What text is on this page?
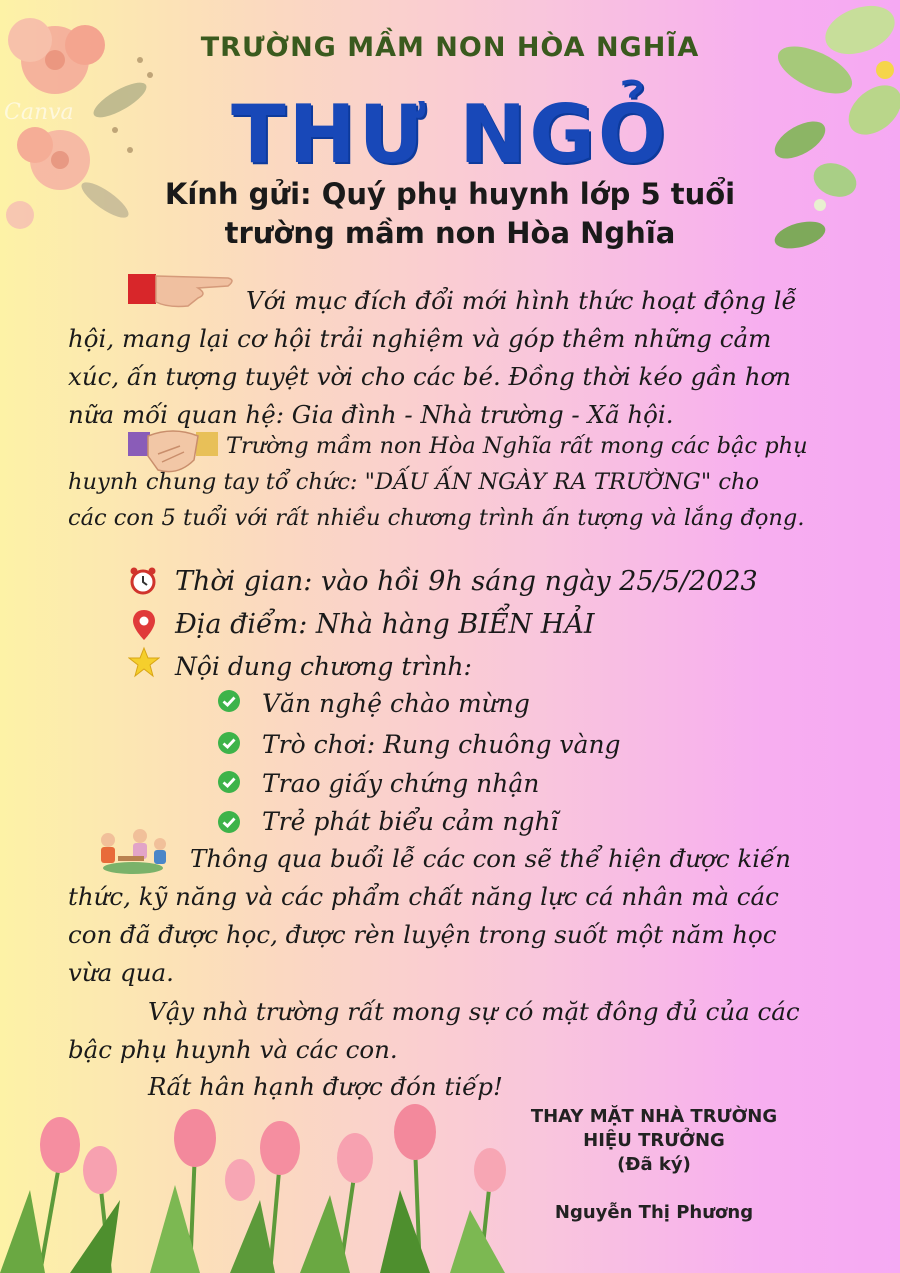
Canva
TRƯỜNG MẦM NON HÒA NGHĨA
THƯ NGỎ
Kính gửi: Quý phụ huynh lớp 5 tuổi
trường mầm non Hòa Nghĩa
Với mục đích đổi mới hình thức hoạt động lễ
hội, mang lại cơ hội trải nghiệm và góp thêm những cảm
xúc, ấn tượng tuyệt vời cho các bé. Đồng thời kéo gần hơn
nữa mối quan hệ: Gia đình - Nhà trường - Xã hội.
Trường mầm non Hòa Nghĩa rất mong các bậc phụ
huynh chung tay tổ chức: "DẤU ẤN NGÀY RA TRƯỜNG" cho
các con 5 tuổi với rất nhiều chương trình ấn tượng và lắng đọng.
Thời gian: vào hồi 9h sáng ngày 25/5/2023
Địa điểm: Nhà hàng BIỂN HẢI
Nội dung chương trình:
Văn nghệ chào mừng
Trò chơi: Rung chuông vàng
Trao giấy chứng nhận
Trẻ phát biểu cảm nghĩ
Thông qua buổi lễ các con sẽ thể hiện được kiến
thức, kỹ năng và các phẩm chất năng lực cá nhân mà các
con đã được học, được rèn luyện trong suốt một năm học
vừa qua.
Vậy nhà trường rất mong sự có mặt đông đủ của các
bậc phụ huynh và các con.
Rất hân hạnh được đón tiếp!
THAY MẶT NHÀ TRƯỜNG
HIỆU TRƯỞNG
(Đã ký)
Nguyễn Thị Phương
